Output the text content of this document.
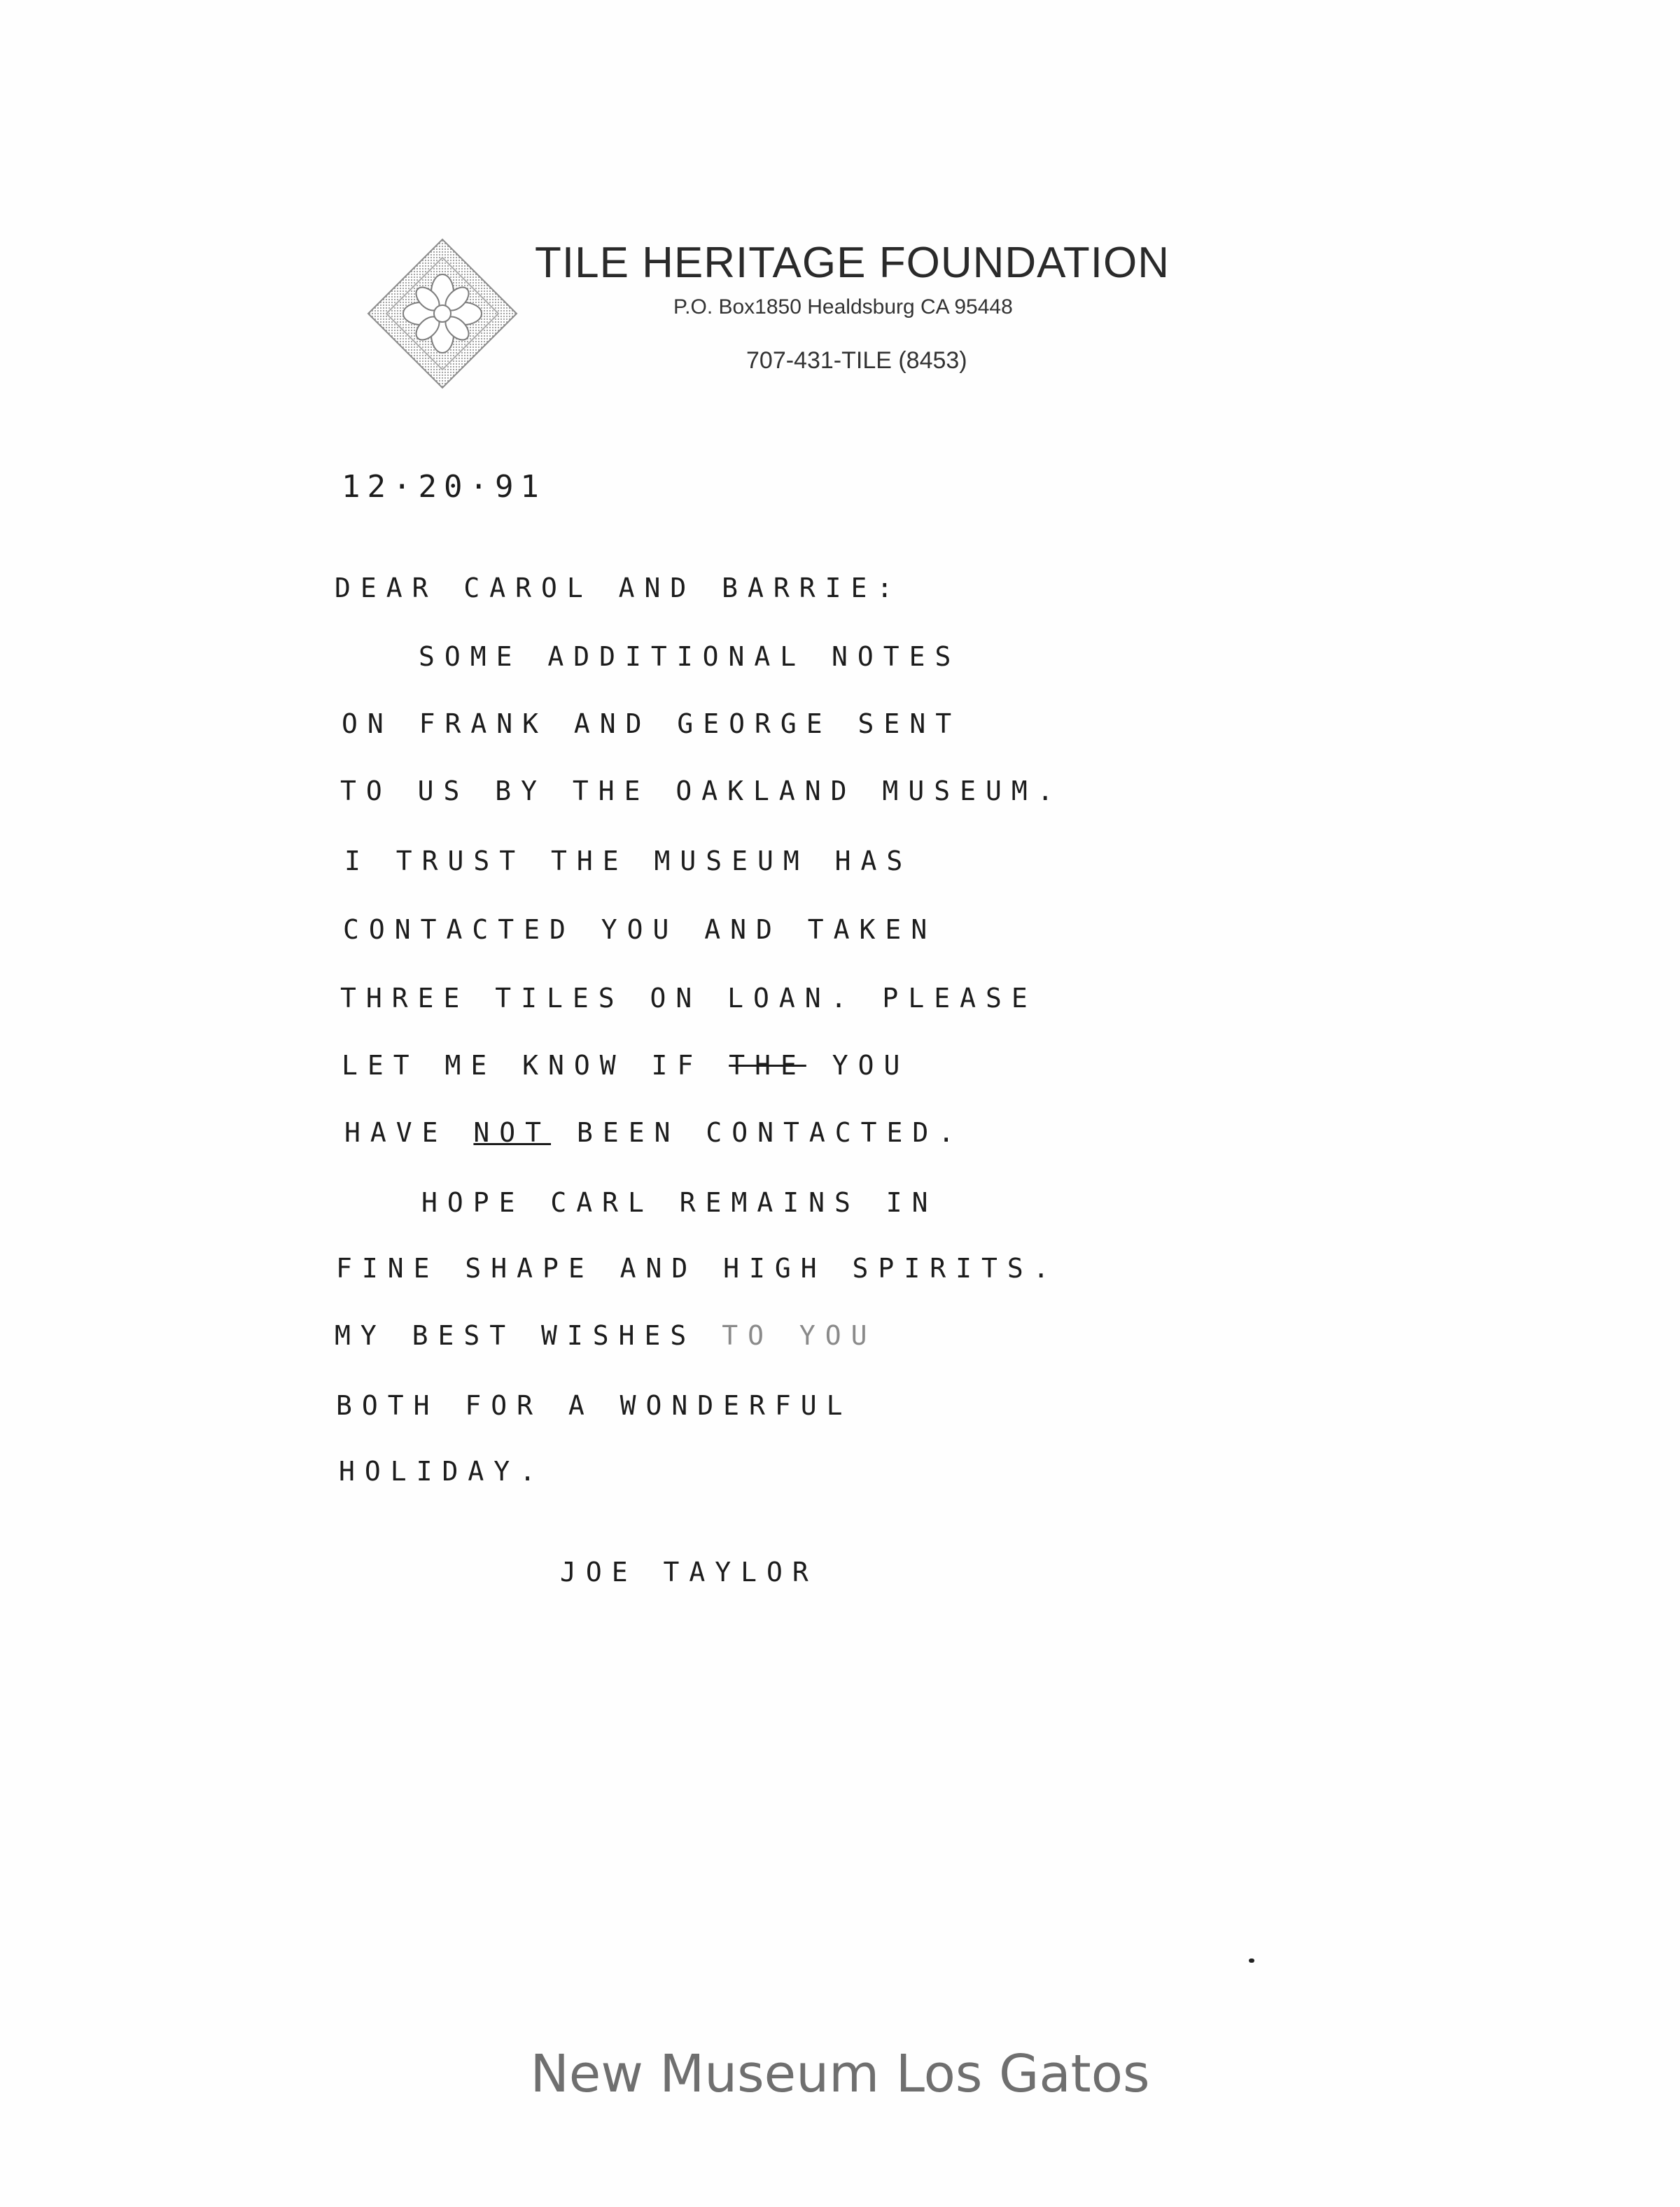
TILE HERITAGE FOUNDATION
P.O. Box1850 Healdsburg CA 95448
707-431-TILE (8453)
12·20·91
DEAR CAROL AND BARRIE:
SOME ADDITIONAL NOTES
ON FRANK AND GEORGE SENT
TO US BY THE OAKLAND MUSEUM.
I TRUST THE MUSEUM HAS
CONTACTED YOU AND TAKEN
THREE TILES ON LOAN. PLEASE
LET ME KNOW IF THE YOU
HAVE NOT BEEN CONTACTED.
HOPE CARL REMAINS IN
FINE SHAPE AND HIGH SPIRITS.
MY BEST WISHES TO YOU
BOTH FOR A WONDERFUL
HOLIDAY.
JOE TAYLOR
New Museum Los Gatos
